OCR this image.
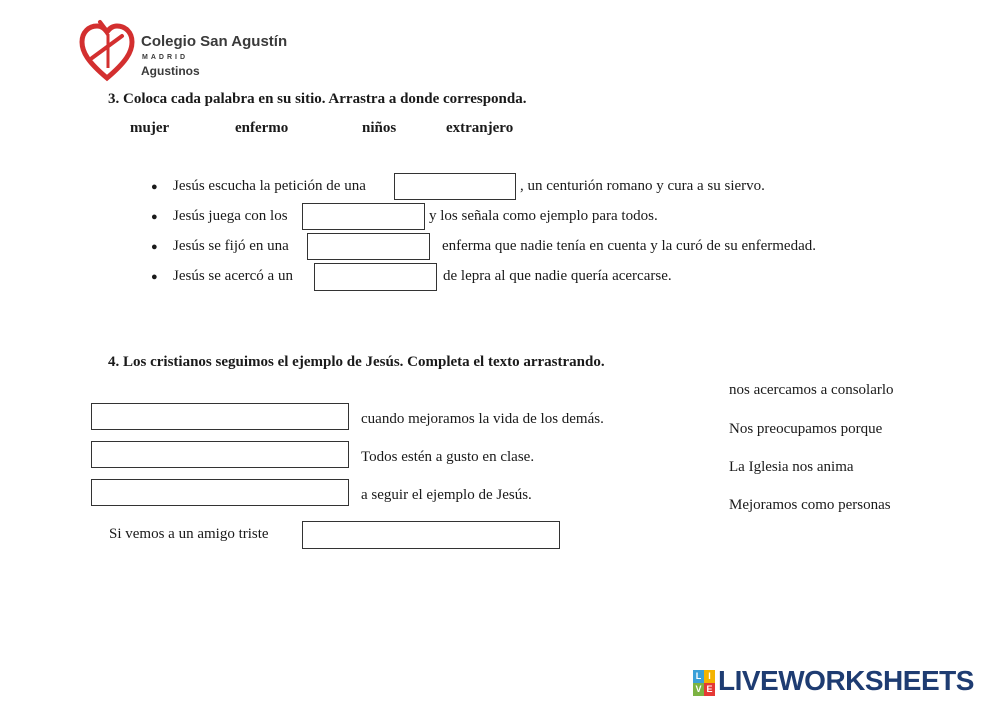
Colegio San Agustín
MADRID
Agustinos
3. Coloca cada palabra en su sitio. Arrastra a donde corresponda.
mujer	enfermo	niños	extranjero
● Jesús escucha la petición de una	, un centurión romano y cura a su siervo.
● Jesús juega con los	y los señala como ejemplo para todos.
● Jesús se fijó en una	enferma que nadie tenía en cuenta y la curó de su enfermedad.
● Jesús se acercó a un	de lepra al que nadie quería acercarse.
4. Los cristianos seguimos el ejemplo de Jesús. Completa el texto arrastrando.
cuando mejoramos la vida de los demás.
Todos estén a gusto en clase.
a seguir el ejemplo de Jesús.
Si vemos a un amigo triste
nos acercamos a consolarlo
Nos preocupamos porque
La Iglesia nos anima
Mejoramos como personas
L I
V E LIVEWORKSHEETS
